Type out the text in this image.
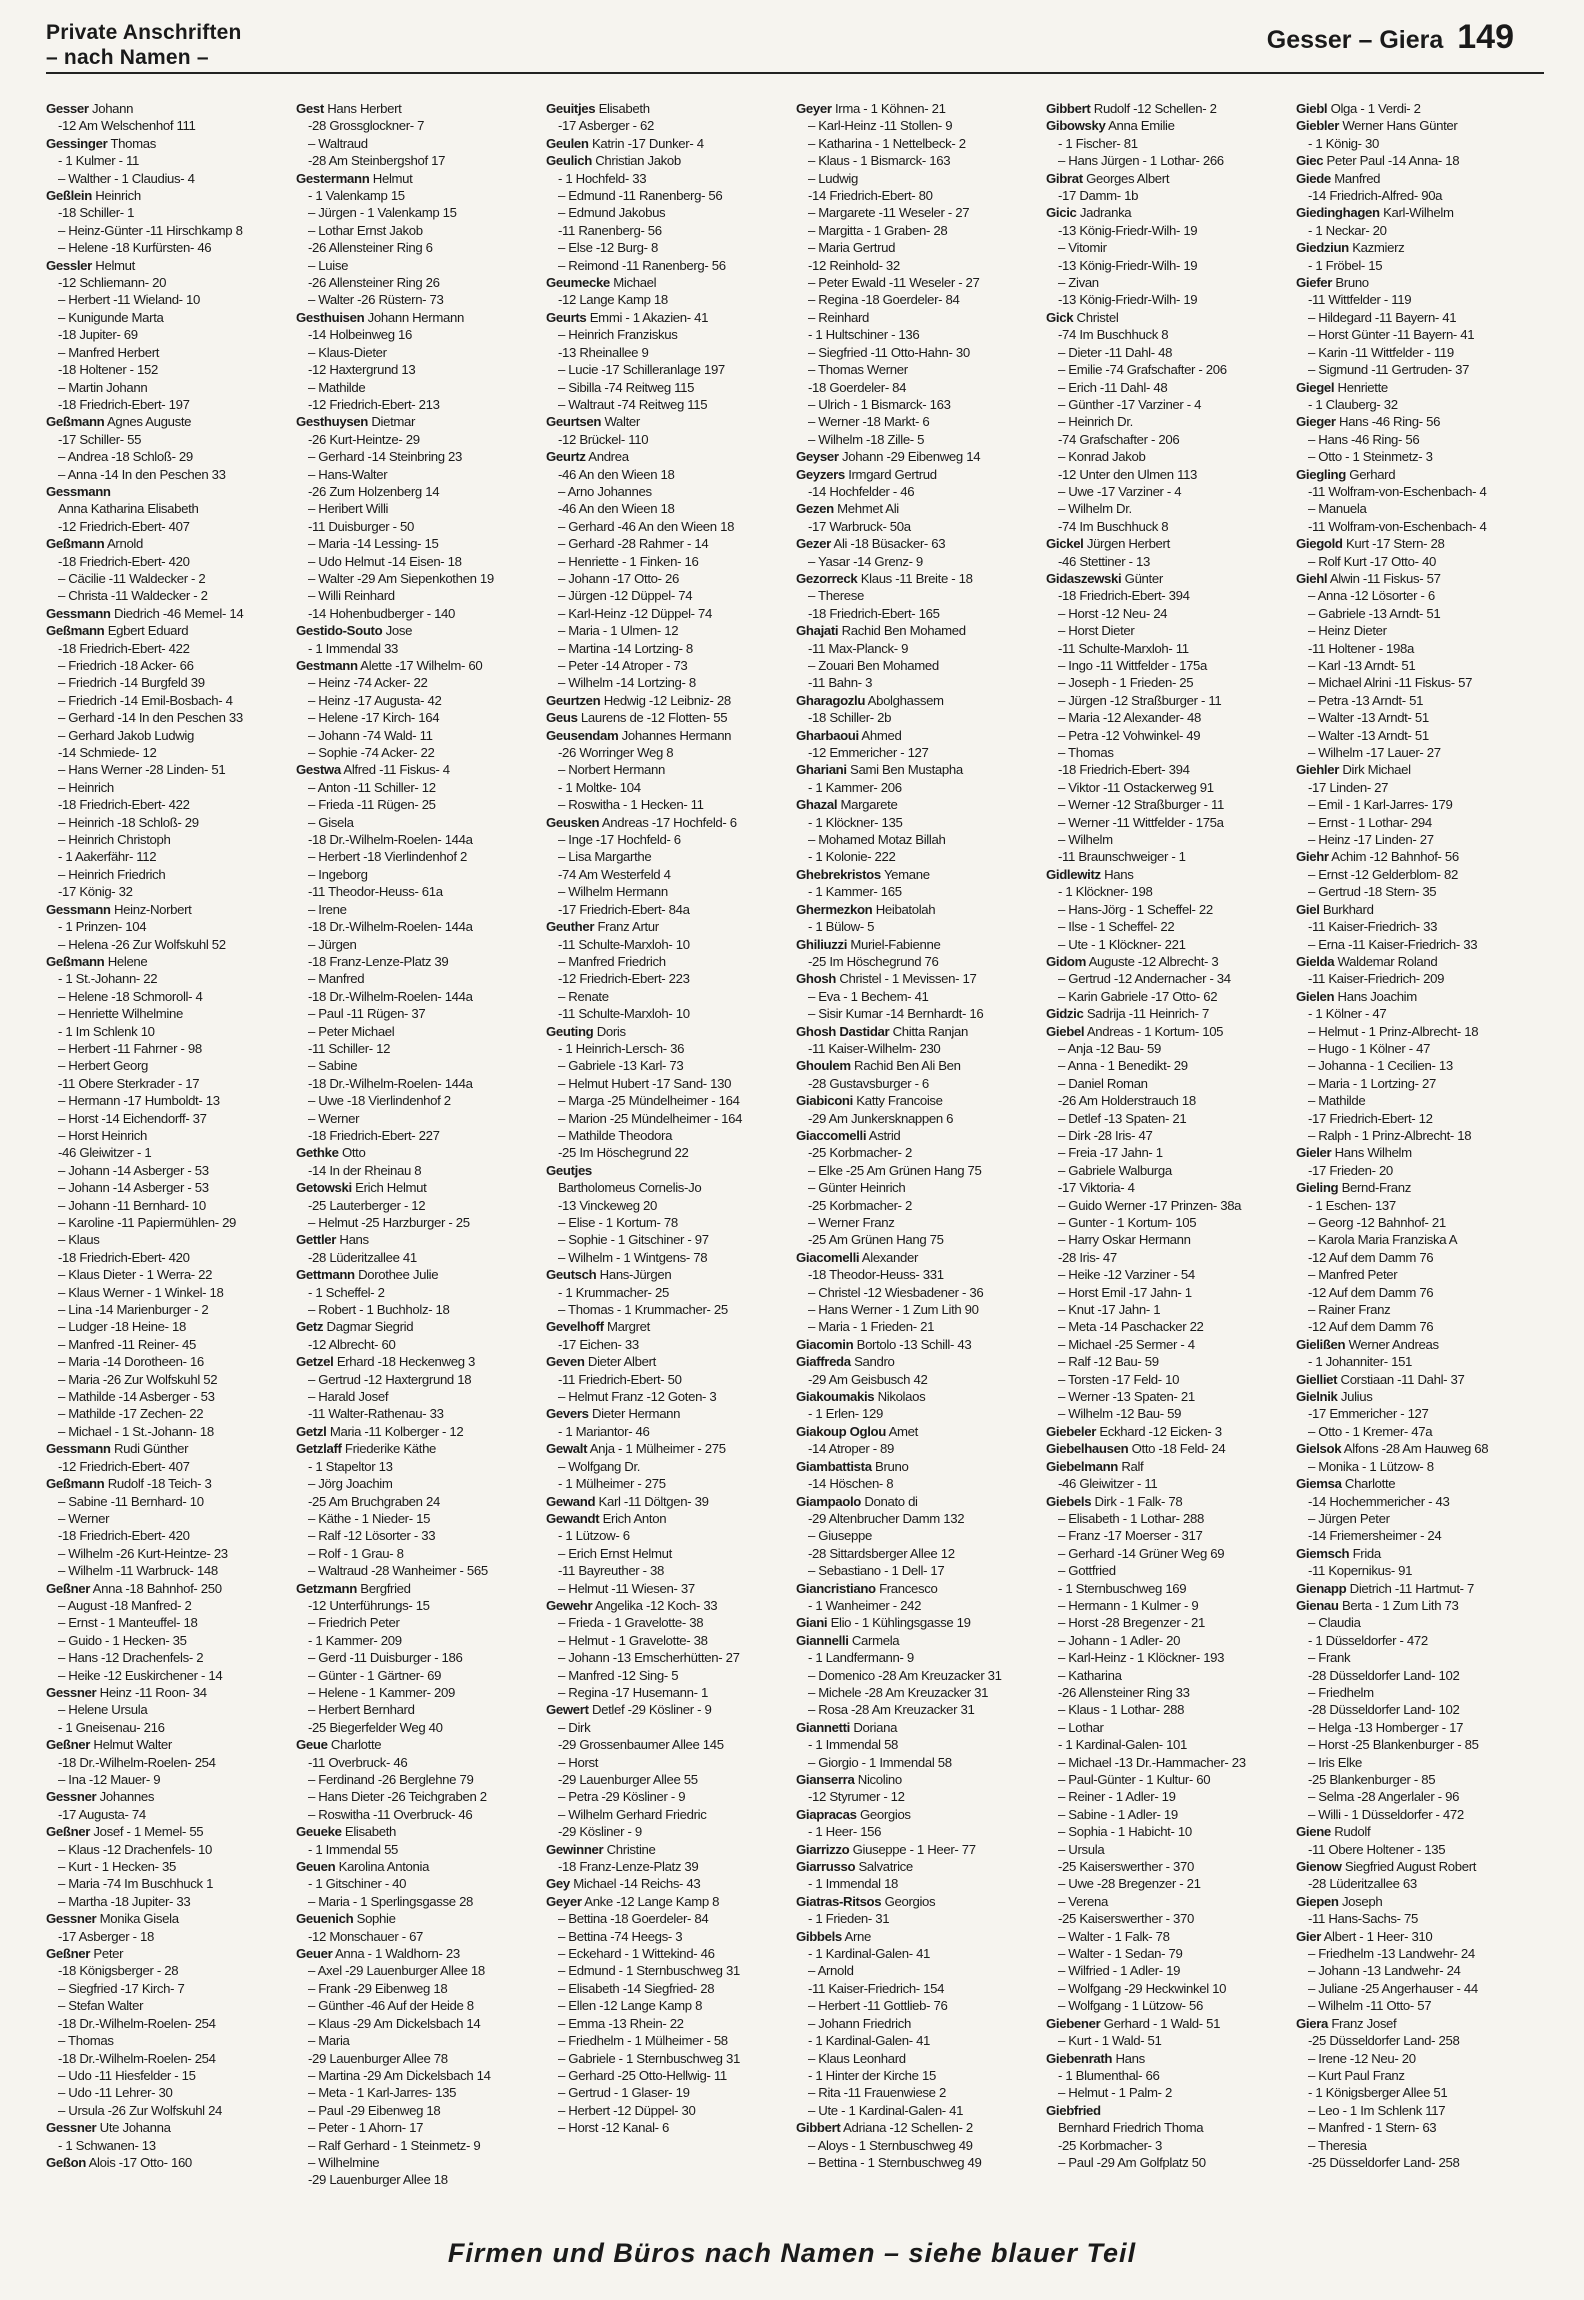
Private Anschriften
– nach Namen –
Gesser – Giera 149
Gesser Johann
-12 Am Welschenhof 111
Gessinger Thomas
- 1 Kulmer - 11
– Walther - 1 Claudius- 4
Geßlein Heinrich
-18 Schiller- 1
– Heinz-Günter -11 Hirschkamp 8
– Helene -18 Kurfürsten- 46
Gessler Helmut
-12 Schliemann- 20
– Herbert -11 Wieland- 10
– Kunigunde Marta
-18 Jupiter- 69
– Manfred Herbert
-18 Holtener - 152
– Martin Johann
-18 Friedrich-Ebert- 197
Geßmann Agnes Auguste
-17 Schiller- 55
– Andrea -18 Schloß- 29
– Anna -14 In den Peschen 33
Gessmann
Anna Katharina Elisabeth
-12 Friedrich-Ebert- 407
Geßmann Arnold
-18 Friedrich-Ebert- 420
– Cäcilie -11 Waldecker - 2
– Christa -11 Waldecker - 2
Gessmann Diedrich -46 Memel- 14
Geßmann Egbert Eduard
-18 Friedrich-Ebert- 422
– Friedrich -18 Acker- 66
– Friedrich -14 Burgfeld 39
– Friedrich -14 Emil-Bosbach- 4
– Gerhard -14 In den Peschen 33
– Gerhard Jakob Ludwig
-14 Schmiede- 12
– Hans Werner -28 Linden- 51
– Heinrich
-18 Friedrich-Ebert- 422
– Heinrich -18 Schloß- 29
– Heinrich Christoph
- 1 Aakerfähr- 112
– Heinrich Friedrich
-17 König- 32
Gessmann Heinz-Norbert
- 1 Prinzen- 104
– Helena -26 Zur Wolfskuhl 52
Geßmann Helene
- 1 St.-Johann- 22
– Helene -18 Schmoroll- 4
– Henriette Wilhelmine
- 1 Im Schlenk 10
– Herbert -11 Fahrner - 98
– Herbert Georg
-11 Obere Sterkrader - 17
– Hermann -17 Humboldt- 13
– Horst -14 Eichendorff- 37
– Horst Heinrich
-46 Gleiwitzer - 1
– Johann -14 Asberger - 53
– Johann -14 Asberger - 53
– Johann -11 Bernhard- 10
– Karoline -11 Papiermühlen- 29
– Klaus
-18 Friedrich-Ebert- 420
– Klaus Dieter - 1 Werra- 22
– Klaus Werner - 1 Winkel- 18
– Lina -14 Marienburger - 2
– Ludger -18 Heine- 18
– Manfred -11 Reiner- 45
– Maria -14 Dorotheen- 16
– Maria -26 Zur Wolfskuhl 52
– Mathilde -14 Asberger - 53
– Mathilde -17 Zechen- 22
– Michael - 1 St.-Johann- 18
Gessmann Rudi Günther
-12 Friedrich-Ebert- 407
Geßmann Rudolf -18 Teich- 3
– Sabine -11 Bernhard- 10
– Werner
-18 Friedrich-Ebert- 420
– Wilhelm -26 Kurt-Heintze- 23
– Wilhelm -11 Warbruck- 148
Geßner Anna -18 Bahnhof- 250
– August -18 Manfred- 2
– Ernst - 1 Manteuffel- 18
– Guido - 1 Hecken- 35
– Hans -12 Drachenfels- 2
– Heike -12 Euskirchener - 14
Gessner Heinz -11 Roon- 34
– Helene Ursula
- 1 Gneisenau- 216
Geßner Helmut Walter
-18 Dr.-Wilhelm-Roelen- 254
– Ina -12 Mauer- 9
Gessner Johannes
-17 Augusta- 74
Geßner Josef - 1 Memel- 55
– Klaus -12 Drachenfels- 10
– Kurt - 1 Hecken- 35
– Maria -74 Im Buschhuck 1
– Martha -18 Jupiter- 33
Gessner Monika Gisela
-17 Asberger - 18
Geßner Peter
-18 Königsberger - 28
– Siegfried -17 Kirch- 7
– Stefan Walter
-18 Dr.-Wilhelm-Roelen- 254
– Thomas
-18 Dr.-Wilhelm-Roelen- 254
– Udo -11 Hiesfelder - 15
– Udo -11 Lehrer- 30
– Ursula -26 Zur Wolfskuhl 24
Gessner Ute Johanna
- 1 Schwanen- 13
Geßon Alois -17 Otto- 160
Gest Hans Herbert
-28 Grossglockner- 7
– Waltraud
-28 Am Steinbergshof 17
Gestermann Helmut
- 1 Valenkamp 15
– Jürgen - 1 Valenkamp 15
– Lothar Ernst Jakob
-26 Allensteiner Ring 6
– Luise
-26 Allensteiner Ring 26
– Walter -26 Rüstern- 73
Gesthuisen Johann Hermann
-14 Holbeinweg 16
– Klaus-Dieter
-12 Haxtergrund 13
– Mathilde
-12 Friedrich-Ebert- 213
Gesthuysen Dietmar
-26 Kurt-Heintze- 29
– Gerhard -14 Steinbring 23
– Hans-Walter
-26 Zum Holzenberg 14
– Heribert Willi
-11 Duisburger - 50
– Maria -14 Lessing- 15
– Udo Helmut -14 Eisen- 18
– Walter -29 Am Siepenkothen 19
– Willi Reinhard
-14 Hohenbudberger - 140
Gestido-Souto Jose
- 1 Immendal 33
Gestmann Alette -17 Wilhelm- 60
– Heinz -74 Acker- 22
– Heinz -17 Augusta- 42
– Helene -17 Kirch- 164
– Johann -74 Wald- 11
– Sophie -74 Acker- 22
Gestwa Alfred -11 Fiskus- 4
– Anton -11 Schiller- 12
– Frieda -11 Rügen- 25
– Gisela
-18 Dr.-Wilhelm-Roelen- 144a
– Herbert -18 Vierlindenhof 2
– Ingeborg
-11 Theodor-Heuss- 61a
– Irene
-18 Dr.-Wilhelm-Roelen- 144a
– Jürgen
-18 Franz-Lenze-Platz 39
– Manfred
-18 Dr.-Wilhelm-Roelen- 144a
– Paul -11 Rügen- 37
– Peter Michael
-11 Schiller- 12
– Sabine
-18 Dr.-Wilhelm-Roelen- 144a
– Uwe -18 Vierlindenhof 2
– Werner
-18 Friedrich-Ebert- 227
Gethke Otto
-14 In der Rheinau 8
Getowski Erich Helmut
-25 Lauterberger - 12
– Helmut -25 Harzburger - 25
Gettler Hans
-28 Lüderitzallee 41
Gettmann Dorothee Julie
- 1 Scheffel- 2
– Robert - 1 Buchholz- 18
Getz Dagmar Siegrid
-12 Albrecht- 60
Getzel Erhard -18 Heckenweg 3
– Gertrud -12 Haxtergrund 18
– Harald Josef
-11 Walter-Rathenau- 33
Getzl Maria -11 Kolberger - 12
Getzlaff Friederike Käthe
- 1 Stapeltor 13
– Jörg Joachim
-25 Am Bruchgraben 24
– Käthe - 1 Nieder- 15
– Ralf -12 Lösorter - 33
– Rolf - 1 Grau- 8
– Waltraud -28 Wanheimer - 565
Getzmann Bergfried
-12 Unterführungs- 15
– Friedrich Peter
- 1 Kammer- 209
– Gerd -11 Duisburger - 186
– Günter - 1 Gärtner- 69
– Helene - 1 Kammer- 209
– Herbert Bernhard
-25 Biegerfelder Weg 40
Geue Charlotte
-11 Overbruck- 46
– Ferdinand -26 Berglehne 79
– Hans Dieter -26 Teichgraben 2
– Roswitha -11 Overbruck- 46
Geueke Elisabeth
- 1 Immendal 55
Geuen Karolina Antonia
- 1 Gitschiner - 40
– Maria - 1 Sperlingsgasse 28
Geuenich Sophie
-12 Monschauer - 67
Geuer Anna - 1 Waldhorn- 23
– Axel -29 Lauenburger Allee 18
– Frank -29 Eibenweg 18
– Günther -46 Auf der Heide 8
– Klaus -29 Am Dickelsbach 14
– Maria
-29 Lauenburger Allee 78
– Martina -29 Am Dickelsbach 14
– Meta - 1 Karl-Jarres- 135
– Paul -29 Eibenweg 18
– Peter - 1 Ahorn- 17
– Ralf Gerhard - 1 Steinmetz- 9
– Wilhelmine
-29 Lauenburger Allee 18
Geuitjes Elisabeth
-17 Asberger - 62
Geulen Katrin -17 Dunker- 4
Geulich Christian Jakob
- 1 Hochfeld- 33
– Edmund -11 Ranenberg- 56
– Edmund Jakobus
-11 Ranenberg- 56
– Else -12 Burg- 8
– Reimond -11 Ranenberg- 56
Geumecke Michael
-12 Lange Kamp 18
Geurts Emmi - 1 Akazien- 41
– Heinrich Franziskus
-13 Rheinallee 9
– Lucie -17 Schilleranlage 197
– Sibilla -74 Reitweg 115
– Waltraut -74 Reitweg 115
Geurtsen Walter
-12 Brückel- 110
Geurtz Andrea
-46 An den Wieen 18
– Arno Johannes
-46 An den Wieen 18
– Gerhard -46 An den Wieen 18
– Gerhard -28 Rahmer - 14
– Henriette - 1 Finken- 16
– Johann -17 Otto- 26
– Jürgen -12 Düppel- 74
– Karl-Heinz -12 Düppel- 74
– Maria - 1 Ulmen- 12
– Martina -14 Lortzing- 8
– Peter -14 Atroper - 73
– Wilhelm -14 Lortzing- 8
Geurtzen Hedwig -12 Leibniz- 28
Geus Laurens de -12 Flotten- 55
Geusendam Johannes Hermann
-26 Worringer Weg 8
– Norbert Hermann
- 1 Moltke- 104
– Roswitha - 1 Hecken- 11
Geusken Andreas -17 Hochfeld- 6
– Inge -17 Hochfeld- 6
– Lisa Margarthe
-74 Am Westerfeld 4
– Wilhelm Hermann
-17 Friedrich-Ebert- 84a
Geuther Franz Artur
-11 Schulte-Marxloh- 10
– Manfred Friedrich
-12 Friedrich-Ebert- 223
– Renate
-11 Schulte-Marxloh- 10
Geuting Doris
- 1 Heinrich-Lersch- 36
– Gabriele -13 Karl- 73
– Helmut Hubert -17 Sand- 130
– Marga -25 Mündelheimer - 164
– Marion -25 Mündelheimer - 164
– Mathilde Theodora
-25 Im Höschegrund 22
Geutjes
Bartholomeus Cornelis-Jo
-13 Vinckeweg 20
– Elise - 1 Kortum- 78
– Sophie - 1 Gitschiner - 97
– Wilhelm - 1 Wintgens- 78
Geutsch Hans-Jürgen
- 1 Krummacher- 25
– Thomas - 1 Krummacher- 25
Gevelhoff Margret
-17 Eichen- 33
Geven Dieter Albert
-11 Friedrich-Ebert- 50
– Helmut Franz -12 Goten- 3
Gevers Dieter Hermann
- 1 Mariantor- 46
Gewalt Anja - 1 Mülheimer - 275
– Wolfgang Dr.
- 1 Mülheimer - 275
Gewand Karl -11 Döltgen- 39
Gewandt Erich Anton
- 1 Lützow- 6
– Erich Ernst Helmut
-11 Bayreuther - 38
– Helmut -11 Wiesen- 37
Gewehr Angelika -12 Koch- 33
– Frieda - 1 Gravelotte- 38
– Helmut - 1 Gravelotte- 38
– Johann -13 Emscherhütten- 27
– Manfred -12 Sing- 5
– Regina -17 Husemann- 1
Gewert Detlef -29 Kösliner - 9
– Dirk
-29 Grossenbaumer Allee 145
– Horst
-29 Lauenburger Allee 55
– Petra -29 Kösliner - 9
– Wilhelm Gerhard Friedric
-29 Kösliner - 9
Gewinner Christine
-18 Franz-Lenze-Platz 39
Gey Michael -14 Reichs- 43
Geyer Anke -12 Lange Kamp 8
– Bettina -18 Goerdeler- 84
– Bettina -74 Heegs- 3
– Eckehard - 1 Wittekind- 46
– Edmund - 1 Sternbuschweg 31
– Elisabeth -14 Siegfried- 28
– Ellen -12 Lange Kamp 8
– Emma -13 Rhein- 22
– Friedhelm - 1 Mülheimer - 58
– Gabriele - 1 Sternbuschweg 31
– Gerhard -25 Otto-Hellwig- 11
– Gertrud - 1 Glaser- 19
– Herbert -12 Düppel- 30
– Horst -12 Kanal- 6
Geyer Irma - 1 Köhnen- 21
– Karl-Heinz -11 Stollen- 9
– Katharina - 1 Nettelbeck- 2
– Klaus - 1 Bismarck- 163
– Ludwig
-14 Friedrich-Ebert- 80
– Margarete -11 Weseler - 27
– Margitta - 1 Graben- 28
– Maria Gertrud
-12 Reinhold- 32
– Peter Ewald -11 Weseler - 27
– Regina -18 Goerdeler- 84
– Reinhard
- 1 Hultschiner - 136
– Siegfried -11 Otto-Hahn- 30
– Thomas Werner
-18 Goerdeler- 84
– Ulrich - 1 Bismarck- 163
– Werner -18 Markt- 6
– Wilhelm -18 Zille- 5
Geyser Johann -29 Eibenweg 14
Geyzers Irmgard Gertrud
-14 Hochfelder - 46
Gezen Mehmet Ali
-17 Warbruck- 50a
Gezer Ali -18 Büsacker- 63
– Yasar -14 Grenz- 9
Gezorreck Klaus -11 Breite - 18
– Therese
-18 Friedrich-Ebert- 165
Ghajati Rachid Ben Mohamed
-11 Max-Planck- 9
– Zouari Ben Mohamed
-11 Bahn- 3
Gharagozlu Abolghassem
-18 Schiller- 2b
Gharbaoui Ahmed
-12 Emmericher - 127
Ghariani Sami Ben Mustapha
- 1 Kammer- 206
Ghazal Margarete
- 1 Klöckner- 135
– Mohamed Motaz Billah
- 1 Kolonie- 222
Ghebrekristos Yemane
- 1 Kammer- 165
Ghermezkon Heibatolah
- 1 Bülow- 5
Ghiliuzzi Muriel-Fabienne
-25 Im Höschegrund 76
Ghosh Christel - 1 Mevissen- 17
– Eva - 1 Bechem- 41
– Sisir Kumar -14 Bernhardt- 16
Ghosh Dastidar Chitta Ranjan
-11 Kaiser-Wilhelm- 230
Ghoulem Rachid Ben Ali Ben
-28 Gustavsburger - 6
Giabiconi Katty Francoise
-29 Am Junkersknappen 6
Giaccomelli Astrid
-25 Korbmacher- 2
– Elke -25 Am Grünen Hang 75
– Günter Heinrich
-25 Korbmacher- 2
– Werner Franz
-25 Am Grünen Hang 75
Giacomelli Alexander
-18 Theodor-Heuss- 331
– Christel -12 Wiesbadener - 36
– Hans Werner - 1 Zum Lith 90
– Maria - 1 Frieden- 21
Giacomin Bortolo -13 Schill- 43
Giaffreda Sandro
-29 Am Geisbusch 42
Giakoumakis Nikolaos
- 1 Erlen- 129
Giakoup Oglou Amet
-14 Atroper - 89
Giambattista Bruno
-14 Höschen- 8
Giampaolo Donato di
-29 Altenbrucher Damm 132
– Giuseppe
-28 Sittardsberger Allee 12
– Sebastiano - 1 Dell- 17
Giancristiano Francesco
- 1 Wanheimer - 242
Giani Elio - 1 Kühlingsgasse 19
Giannelli Carmela
- 1 Landfermann- 9
– Domenico -28 Am Kreuzacker 31
– Michele -28 Am Kreuzacker 31
– Rosa -28 Am Kreuzacker 31
Giannetti Doriana
- 1 Immendal 58
– Giorgio - 1 Immendal 58
Gianserra Nicolino
-12 Styrumer - 12
Giapracas Georgios
- 1 Heer- 156
Giarrizzo Giuseppe - 1 Heer- 77
Giarrusso Salvatrice
- 1 Immendal 18
Giatras-Ritsos Georgios
- 1 Frieden- 31
Gibbels Arne
- 1 Kardinal-Galen- 41
– Arnold
-11 Kaiser-Friedrich- 154
– Herbert -11 Gottlieb- 76
– Johann Friedrich
- 1 Kardinal-Galen- 41
– Klaus Leonhard
- 1 Hinter der Kirche 15
– Rita -11 Frauenwiese 2
– Ute - 1 Kardinal-Galen- 41
Gibbert Adriana -12 Schellen- 2
– Aloys - 1 Sternbuschweg 49
– Bettina - 1 Sternbuschweg 49
Gibbert Rudolf -12 Schellen- 2
Gibowsky Anna Emilie
- 1 Fischer- 81
– Hans Jürgen - 1 Lothar- 266
Gibrat Georges Albert
-17 Damm- 1b
Gicic Jadranka
-13 König-Friedr-Wilh- 19
– Vitomir
-13 König-Friedr-Wilh- 19
– Zivan
-13 König-Friedr-Wilh- 19
Gick Christel
-74 Im Buschhuck 8
– Dieter -11 Dahl- 48
– Emilie -74 Grafschafter - 206
– Erich -11 Dahl- 48
– Günther -17 Varziner - 4
– Heinrich Dr.
-74 Grafschafter - 206
– Konrad Jakob
-12 Unter den Ulmen 113
– Uwe -17 Varziner - 4
– Wilhelm Dr.
-74 Im Buschhuck 8
Gickel Jürgen Herbert
-46 Stettiner - 13
Gidaszewski Günter
-18 Friedrich-Ebert- 394
– Horst -12 Neu- 24
– Horst Dieter
-11 Schulte-Marxloh- 11
– Ingo -11 Wittfelder - 175a
– Joseph - 1 Frieden- 25
– Jürgen -12 Straßburger - 11
– Maria -12 Alexander- 48
– Petra -12 Vohwinkel- 49
– Thomas
-18 Friedrich-Ebert- 394
– Viktor -11 Ostackerweg 91
– Werner -12 Straßburger - 11
– Werner -11 Wittfelder - 175a
– Wilhelm
-11 Braunschweiger - 1
Gidlewitz Hans
- 1 Klöckner- 198
– Hans-Jörg - 1 Scheffel- 22
– Ilse - 1 Scheffel- 22
– Ute - 1 Klöckner- 221
Gidom Auguste -12 Albrecht- 3
– Gertrud -12 Andernacher - 34
– Karin Gabriele -17 Otto- 62
Gidzic Sadrija -11 Heinrich- 7
Giebel Andreas - 1 Kortum- 105
– Anja -12 Bau- 59
– Anna - 1 Benedikt- 29
– Daniel Roman
-26 Am Holderstrauch 18
– Detlef -13 Spaten- 21
– Dirk -28 Iris- 47
– Freia -17 Jahn- 1
– Gabriele Walburga
-17 Viktoria- 4
– Guido Werner -17 Prinzen- 38a
– Gunter - 1 Kortum- 105
– Harry Oskar Hermann
-28 Iris- 47
– Heike -12 Varziner - 54
– Horst Emil -17 Jahn- 1
– Knut -17 Jahn- 1
– Meta -14 Paschacker 22
– Michael -25 Sermer - 4
– Ralf -12 Bau- 59
– Torsten -17 Feld- 10
– Werner -13 Spaten- 21
– Wilhelm -12 Bau- 59
Giebeler Eckhard -12 Eicken- 3
Giebelhausen Otto -18 Feld- 24
Giebelmann Ralf
-46 Gleiwitzer - 11
Giebels Dirk - 1 Falk- 78
– Elisabeth - 1 Lothar- 288
– Franz -17 Moerser - 317
– Gerhard -14 Grüner Weg 69
– Gottfried
- 1 Sternbuschweg 169
– Hermann - 1 Kulmer - 9
– Horst -28 Bregenzer - 21
– Johann - 1 Adler- 20
– Karl-Heinz - 1 Klöckner- 193
– Katharina
-26 Allensteiner Ring 33
– Klaus - 1 Lothar- 288
– Lothar
- 1 Kardinal-Galen- 101
– Michael -13 Dr.-Hammacher- 23
– Paul-Günter - 1 Kultur- 60
– Reiner - 1 Adler- 19
– Sabine - 1 Adler- 19
– Sophia - 1 Habicht- 10
– Ursula
-25 Kaiserswerther - 370
– Uwe -28 Bregenzer - 21
– Verena
-25 Kaiserswerther - 370
– Walter - 1 Falk- 78
– Walter - 1 Sedan- 79
– Wilfried - 1 Adler- 19
– Wolfgang -29 Heckwinkel 10
– Wolfgang - 1 Lützow- 56
Giebener Gerhard - 1 Wald- 51
– Kurt - 1 Wald- 51
Giebenrath Hans
- 1 Blumenthal- 66
– Helmut - 1 Palm- 2
Giebfried
Bernhard Friedrich Thoma
-25 Korbmacher- 3
– Paul -29 Am Golfplatz 50
Giebl Olga - 1 Verdi- 2
Giebler Werner Hans Günter
- 1 König- 30
Giec Peter Paul -14 Anna- 18
Giede Manfred
-14 Friedrich-Alfred- 90a
Giedinghagen Karl-Wilhelm
- 1 Neckar- 20
Giedziun Kazmierz
- 1 Fröbel- 15
Giefer Bruno
-11 Wittfelder - 119
– Hildegard -11 Bayern- 41
– Horst Günter -11 Bayern- 41
– Karin -11 Wittfelder - 119
– Sigmund -11 Gertruden- 37
Giegel Henriette
- 1 Clauberg- 32
Gieger Hans -46 Ring- 56
– Hans -46 Ring- 56
– Otto - 1 Steinmetz- 3
Giegling Gerhard
-11 Wolfram-von-Eschenbach- 4
– Manuela
-11 Wolfram-von-Eschenbach- 4
Giegold Kurt -17 Stern- 28
– Rolf Kurt -17 Otto- 40
Giehl Alwin -11 Fiskus- 57
– Anna -12 Lösorter - 6
– Gabriele -13 Arndt- 51
– Heinz Dieter
-11 Holtener - 198a
– Karl -13 Arndt- 51
– Michael Alrini -11 Fiskus- 57
– Petra -13 Arndt- 51
– Walter -13 Arndt- 51
– Walter -13 Arndt- 51
– Wilhelm -17 Lauer- 27
Giehler Dirk Michael
-17 Linden- 27
– Emil - 1 Karl-Jarres- 179
– Ernst - 1 Lothar- 294
– Heinz -17 Linden- 27
Giehr Achim -12 Bahnhof- 56
– Ernst -12 Gelderblom- 82
– Gertrud -18 Stern- 35
Giel Burkhard
-11 Kaiser-Friedrich- 33
– Erna -11 Kaiser-Friedrich- 33
Gielda Waldemar Roland
-11 Kaiser-Friedrich- 209
Gielen Hans Joachim
- 1 Kölner - 47
– Helmut - 1 Prinz-Albrecht- 18
– Hugo - 1 Kölner - 47
– Johanna - 1 Cecilien- 13
– Maria - 1 Lortzing- 27
– Mathilde
-17 Friedrich-Ebert- 12
– Ralph - 1 Prinz-Albrecht- 18
Gieler Hans Wilhelm
-17 Frieden- 20
Gieling Bernd-Franz
- 1 Eschen- 137
– Georg -12 Bahnhof- 21
– Karola Maria Franziska A
-12 Auf dem Damm 76
– Manfred Peter
-12 Auf dem Damm 76
– Rainer Franz
-12 Auf dem Damm 76
Gielißen Werner Andreas
- 1 Johanniter- 151
Gielliet Corstiaan -11 Dahl- 37
Gielnik Julius
-17 Emmericher - 127
– Otto - 1 Kremer- 47a
Gielsok Alfons -28 Am Hauweg 68
– Monika - 1 Lützow- 8
Giemsa Charlotte
-14 Hochemmericher - 43
– Jürgen Peter
-14 Friemersheimer - 24
Giemsch Frida
-11 Kopernikus- 91
Gienapp Dietrich -11 Hartmut- 7
Gienau Berta - 1 Zum Lith 73
– Claudia
- 1 Düsseldorfer - 472
– Frank
-28 Düsseldorfer Land- 102
– Friedhelm
-28 Düsseldorfer Land- 102
– Helga -13 Homberger - 17
– Horst -25 Blankenburger - 85
– Iris Elke
-25 Blankenburger - 85
– Selma -28 Angerlaler - 96
– Willi - 1 Düsseldorfer - 472
Giene Rudolf
-11 Obere Holtener - 135
Gienow Siegfried August Robert
-28 Lüderitzallee 63
Giepen Joseph
-11 Hans-Sachs- 75
Gier Albert - 1 Heer- 310
– Friedhelm -13 Landwehr- 24
– Johann -13 Landwehr- 24
– Juliane -25 Angerhauser - 44
– Wilhelm -11 Otto- 57
Giera Franz Josef
-25 Düsseldorfer Land- 258
– Irene -12 Neu- 20
– Kurt Paul Franz
- 1 Königsberger Allee 51
– Leo - 1 Im Schlenk 117
– Manfred - 1 Stern- 63
– Theresia
-25 Düsseldorfer Land- 258
Firmen und Büros nach Namen – siehe blauer Teil
